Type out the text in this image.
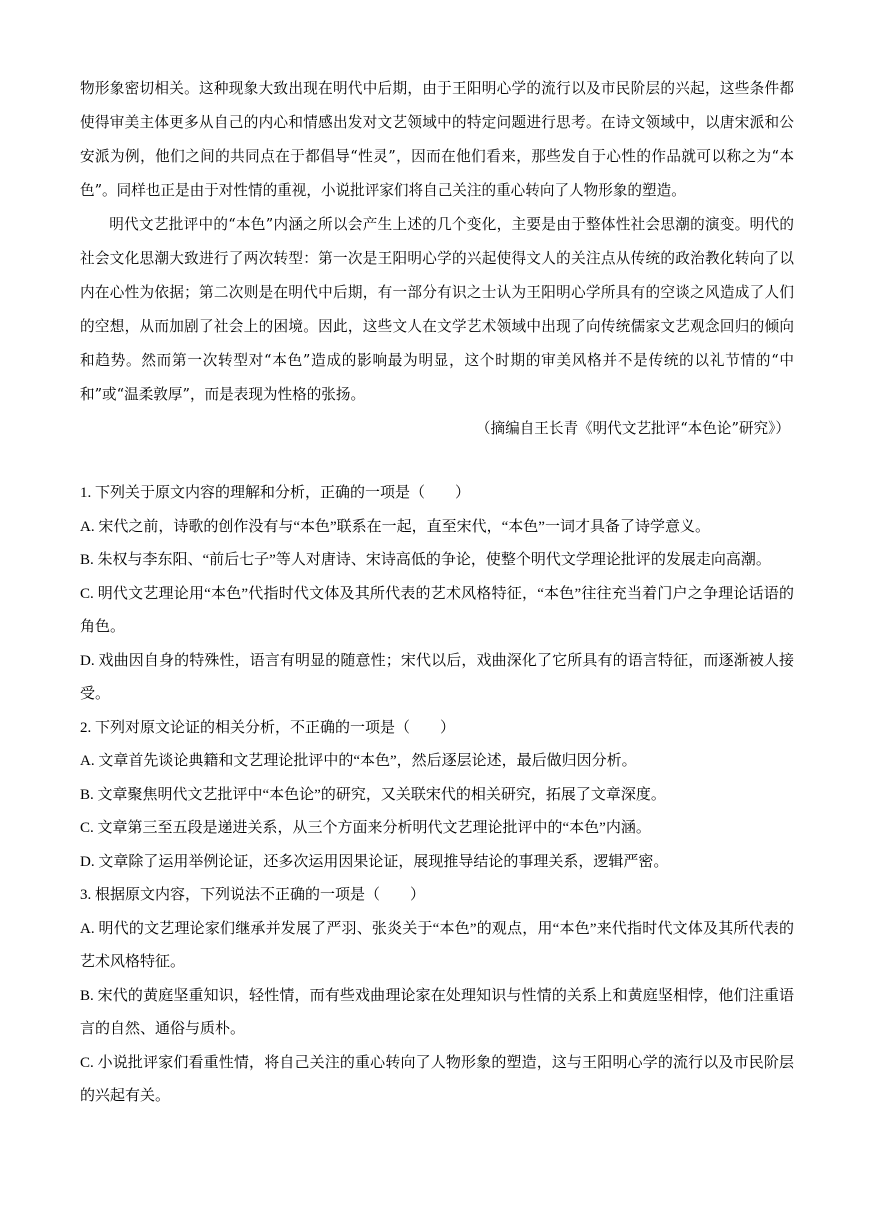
物形象密切相关。这种现象大致出现在明代中后期，由于王阳明心学的流行以及市民阶层的兴起，这些条件都使得审美主体更多从自己的内心和情感出发对文艺领域中的特定问题进行思考。在诗文领域中，以唐宋派和公安派为例，他们之间的共同点在于都倡导“性灵”，因而在他们看来，那些发自于心性的作品就可以称之为“本色”。同样也正是由于对性情的重视，小说批评家们将自己关注的重心转向了人物形象的塑造。

明代文艺批评中的“本色”内涵之所以会产生上述的几个变化，主要是由于整体性社会思潮的演变。明代的社会文化思潮大致进行了两次转型：第一次是王阳明心学的兴起使得文人的关注点从传统的政治教化转向了以内在心性为依据；第二次则是在明代中后期，有一部分有识之士认为王阳明心学所具有的空谈之风造成了人们的空想，从而加剧了社会上的困境。因此，这些文人在文学艺术领域中出现了向传统儒家文艺观念回归的倾向和趋势。然而第一次转型对“本色”造成的影响最为明显，这个时期的审美风格并不是传统的以礼节情的“中和”或“温柔敦厚”，而是表现为性格的张扬。

（摘编自王长青《明代文艺批评“本色论”研究》）

1. 下列关于原文内容的理解和分析，正确的一项是（　　）

A. 宋代之前，诗歌的创作没有与“本色”联系在一起，直至宋代，“本色”一词才具备了诗学意义。

B. 朱权与李东阳、“前后七子”等人对唐诗、宋诗高低的争论，使整个明代文学理论批评的发展走向高潮。

C. 明代文艺理论用“本色”代指时代文体及其所代表的艺术风格特征，“本色”往往充当着门户之争理论话语的角色。

D. 戏曲因自身的特殊性，语言有明显的随意性；宋代以后，戏曲深化了它所具有的语言特征，而逐渐被人接受。

2. 下列对原文论证的相关分析，不正确的一项是（　　）

A. 文章首先谈论典籍和文艺理论批评中的“本色”，然后逐层论述，最后做归因分析。

B. 文章聚焦明代文艺批评中“本色论”的研究，又关联宋代的相关研究，拓展了文章深度。

C. 文章第三至五段是递进关系，从三个方面来分析明代文艺理论批评中的“本色”内涵。

D. 文章除了运用举例论证，还多次运用因果论证，展现推导结论的事理关系，逻辑严密。

3. 根据原文内容，下列说法不正确的一项是（　　）

A. 明代的文艺理论家们继承并发展了严羽、张炎关于“本色”的观点，用“本色”来代指时代文体及其所代表的艺术风格特征。

B. 宋代的黄庭坚重知识，轻性情，而有些戏曲理论家在处理知识与性情的关系上和黄庭坚相悖，他们注重语言的自然、通俗与质朴。

C. 小说批评家们看重性情，将自己关注的重心转向了人物形象的塑造，这与王阳明心学的流行以及市民阶层的兴起有关。
